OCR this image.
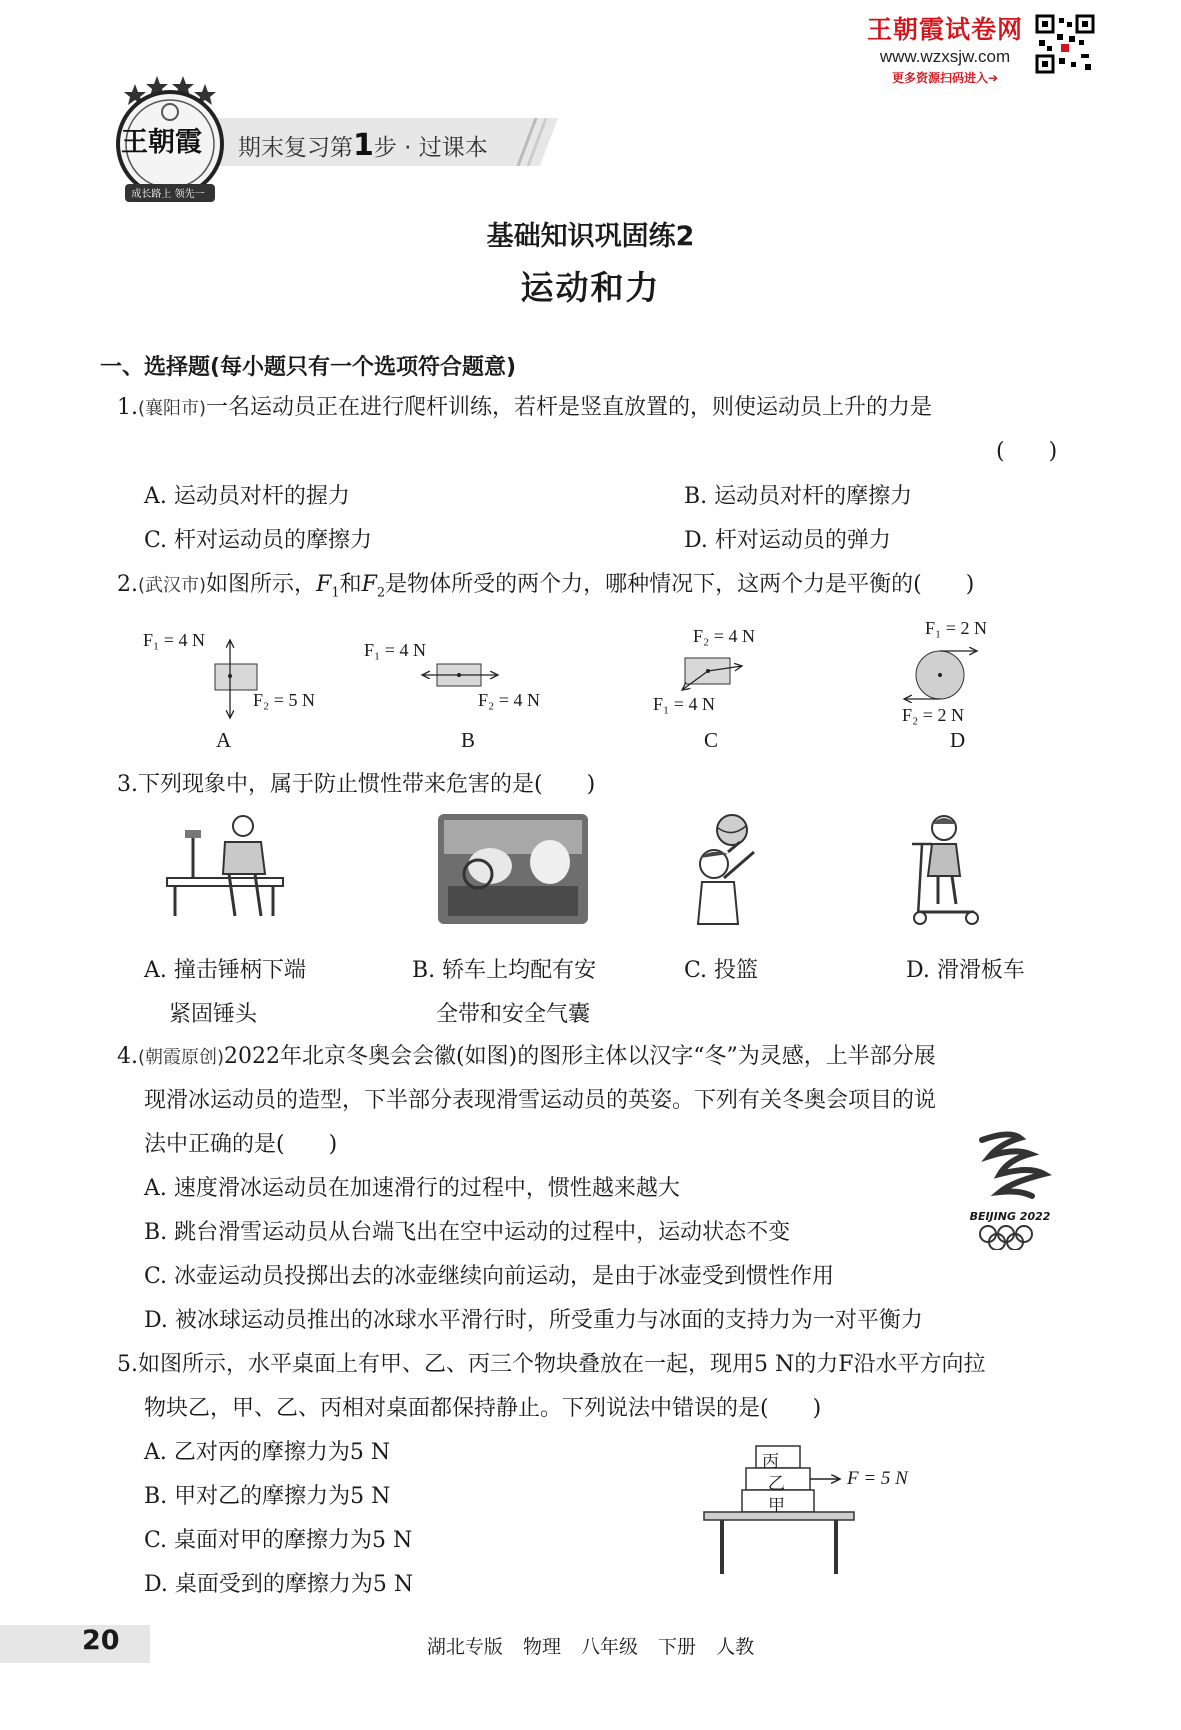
王朝霞试卷网
www.wzxsjw.com
更多资源扫码进入➔
期末复习第1步 · 过课本
王朝霞
成长路上 领先一步
基础知识巩固练2
运动和力
一、选择题(每小题只有一个选项符合题意)
1.(襄阳市)一名运动员正在进行爬杆训练，若杆是竖直放置的，则使运动员上升的力是
(　　)
A. 运动员对杆的握力	B. 运动员对杆的摩擦力
C. 杆对运动员的摩擦力	D. 杆对运动员的弹力
2.(武汉市)如图所示，$F_1$和$F_2$是物体所受的两个力，哪种情况下，这两个力是平衡的(　　)
F₁ = 4 N
F₂ = 5 N
A
F₁ = 4 N
F₂ = 4 N
B
F₂ = 4 N
F₁ = 4 N
C
F₁ = 2 N
F₂ = 2 N
D
3.下列现象中，属于防止惯性带来危害的是(　　)
A. 撞击锤柄下端
紧固锤头
B. 轿车上均配有安
全带和安全气囊
C. 投篮	D. 滑滑板车
4.(朝霞原创)2022年北京冬奥会会徽(如图)的图形主体以汉字“冬”为灵感，上半部分展
现滑冰运动员的造型，下半部分表现滑雪运动员的英姿。下列有关冬奥会项目的说
法中正确的是(　　)
A. 速度滑冰运动员在加速滑行的过程中，惯性越来越大
B. 跳台滑雪运动员从台端飞出在空中运动的过程中，运动状态不变
C. 冰壶运动员投掷出去的冰壶继续向前运动，是由于冰壶受到惯性作用
D. 被冰球运动员推出的冰球水平滑行时，所受重力与冰面的支持力为一对平衡力
BEIJING 2022
5.如图所示，水平桌面上有甲、乙、丙三个物块叠放在一起，现用5 N的力F沿水平方向拉
物块乙，甲、乙、丙相对桌面都保持静止。下列说法中错误的是(　　)
A. 乙对丙的摩擦力为5 N
B. 甲对乙的摩擦力为5 N
C. 桌面对甲的摩擦力为5 N
D. 桌面受到的摩擦力为5 N
丙
乙
甲
F = 5 N
20	湖北专版 物理 八年级 下册 人教
